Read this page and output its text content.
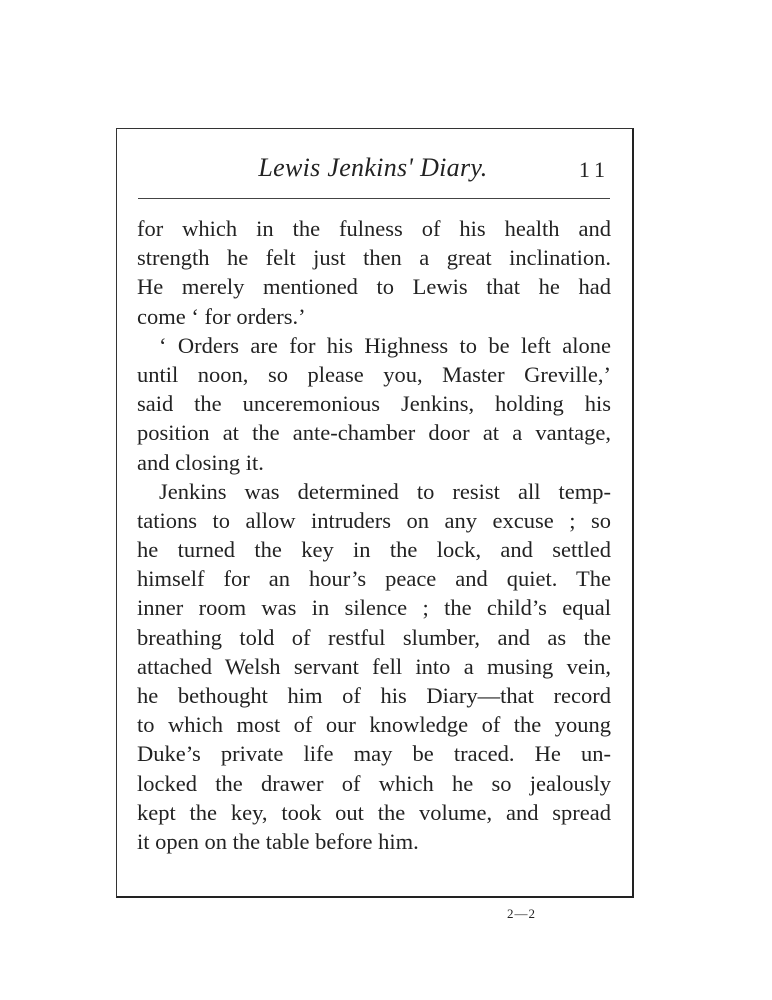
Lewis Jenkins' Diary.	11
for which in the fulness of his health and
strength he felt just then a great inclination.
He merely mentioned to Lewis that he had
come ‘ for orders.’
‘ Orders are for his Highness to be left alone
until noon, so please you, Master Greville,’
said the unceremonious Jenkins, holding his
position at the ante-chamber door at a vantage,
and closing it.
Jenkins was determined to resist all temp-
tations to allow intruders on any excuse ; so
he turned the key in the lock, and settled
himself for an hour’s peace and quiet. The
inner room was in silence ; the child’s equal
breathing told of restful slumber, and as the
attached Welsh servant fell into a musing vein,
he bethought him of his Diary—that record
to which most of our knowledge of the young
Duke’s private life may be traced. He un-
locked the drawer of which he so jealously
kept the key, took out the volume, and spread
it open on the table before him.
2—2
